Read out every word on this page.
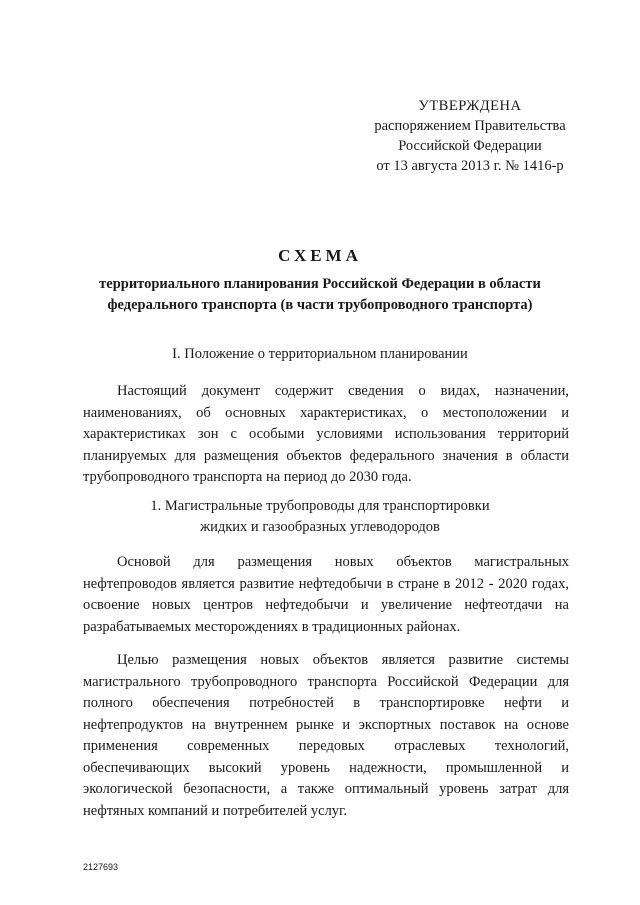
УТВЕРЖДЕНА
распоряжением Правительства
Российской Федерации
от 13 августа 2013 г. № 1416-р
СХЕМА
территориального планирования Российской Федерации в области
федерального транспорта (в части трубопроводного транспорта)
I. Положение о территориальном планировании
Настоящий документ содержит сведения о видах, назначении, наименованиях, об основных характеристиках, о местоположении и характеристиках зон с особыми условиями использования территорий планируемых для размещения объектов федерального значения в области трубопроводного транспорта на период до 2030 года.
1. Магистральные трубопроводы для транспортировки
жидких и газообразных углеводородов
Основой для размещения новых объектов магистральных нефтепроводов является развитие нефтедобычи в стране в 2012 - 2020 годах, освоение новых центров нефтедобычи и увеличение нефтеотдачи на разрабатываемых месторождениях в традиционных районах.
Целью размещения новых объектов является развитие системы магистрального трубопроводного транспорта Российской Федерации для полного обеспечения потребностей в транспортировке нефти и нефтепродуктов на внутреннем рынке и экспортных поставок на основе применения современных передовых отраслевых технологий, обеспечивающих высокий уровень надежности, промышленной и экологической безопасности, а также оптимальный уровень затрат для нефтяных компаний и потребителей услуг.
2127693
